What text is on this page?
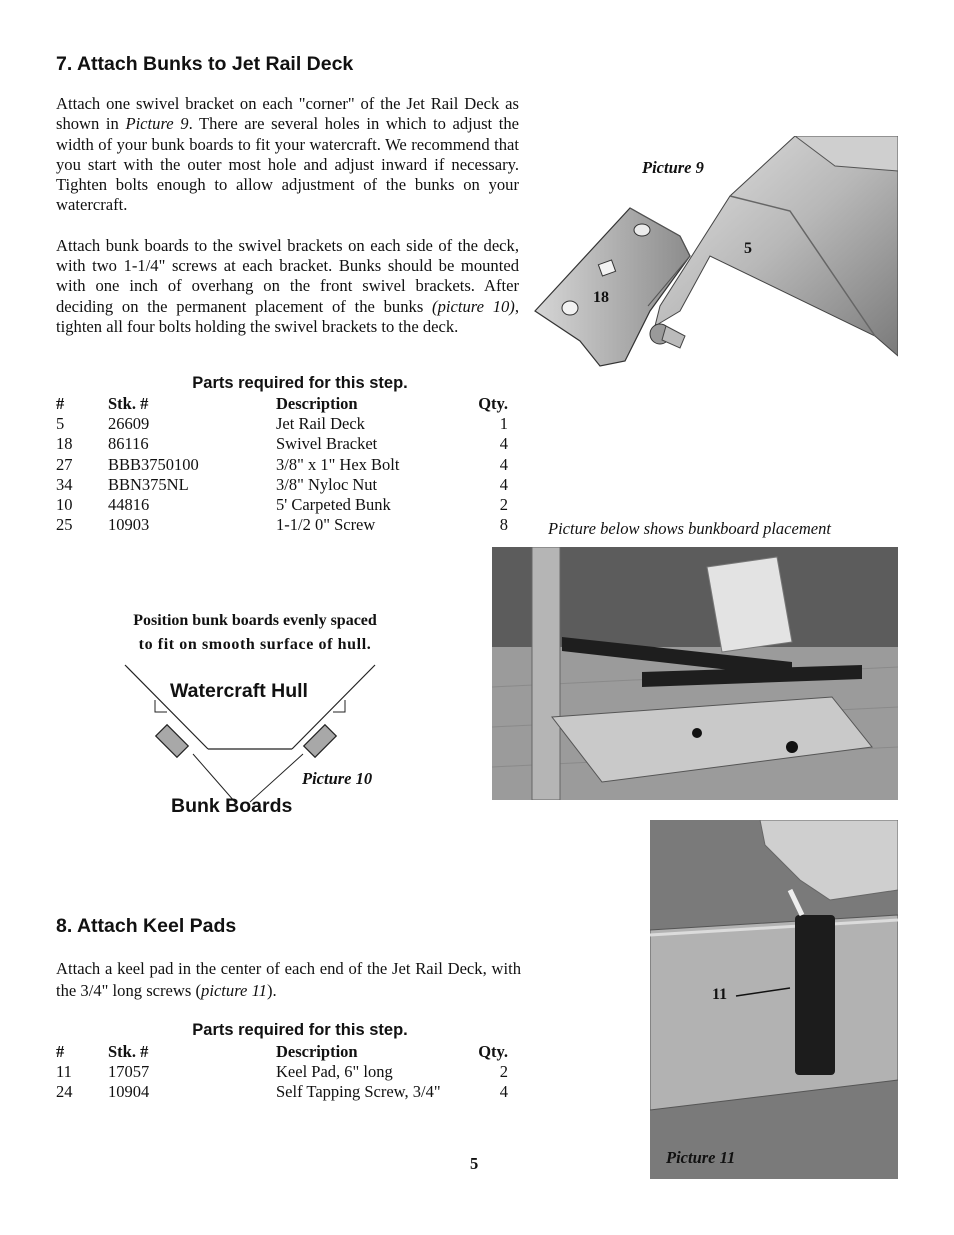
7. Attach Bunks to Jet Rail Deck

Attach one swivel bracket on each "corner" of the Jet Rail Deck as shown in Picture 9. There are several holes in which to adjust the width of your bunk boards to fit your watercraft. We recommend that you start with the outer most hole and adjust inward if necessary. Tighten bolts enough to allow adjustment of the bunks on your watercraft.

Attach bunk boards to the swivel brackets on each side of the deck, with two 1-1/4" screws at each bracket. Bunks should be mounted with one inch of overhang on the front swivel brackets. After deciding on the permanent placement of the bunks (picture 10), tighten all four bolts holding the swivel brackets to the deck.

Parts required for this step.
#	Stk. #	Description	Qty.
5	26609	Jet Rail Deck	1
18	86116	Swivel Bracket	4
27	BBB3750100	3/8" x 1" Hex Bolt	4
34	BBN375NL	3/8" Nyloc Nut	4
10	44816	5' Carpeted Bunk	2
25	10903	1-1/2 0" Screw	8
Picture 9
5
18
Picture below shows bunkboard placement
Position bunk boards evenly spaced
to fit on smooth surface of hull.
Watercraft Hull
Picture 10
Bunk Boards
8. Attach Keel Pads

Attach a keel pad in the center of each end of the Jet Rail Deck, with the 3/4" long screws (picture 11).

Parts required for this step.
#	Stk. #	Description	Qty.
11	17057	Keel Pad, 6" long	2
24	10904	Self Tapping Screw, 3/4"	4
11
Picture 11
5
